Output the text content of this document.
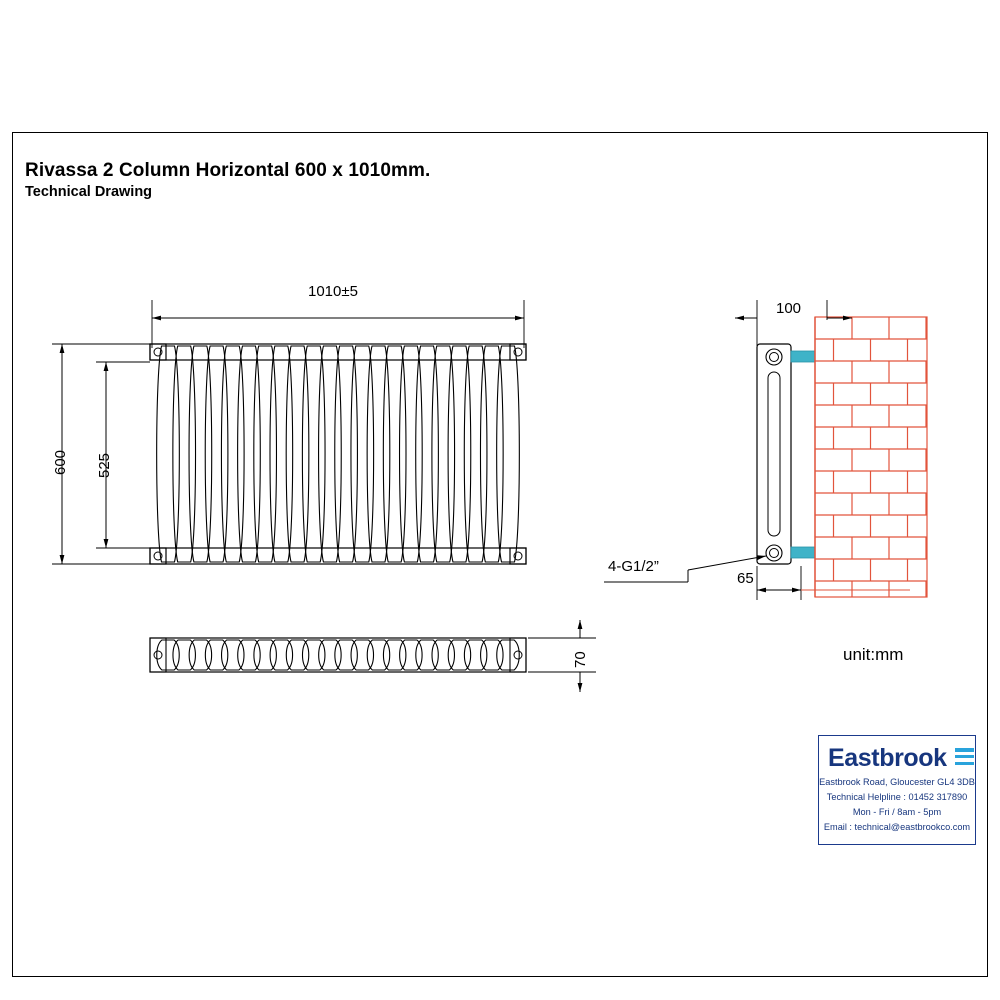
Rivassa 2 Column Horizontal 600 x 1010mm.
Technical Drawing
1010±5
600 525
100
70
65
4-G1/2”
unit:mm
Eastbrook
Eastbrook Road, Gloucester GL4 3DB
Technical Helpline : 01452 317890
Mon - Fri / 8am - 5pm
Email : technical@eastbrookco.com
